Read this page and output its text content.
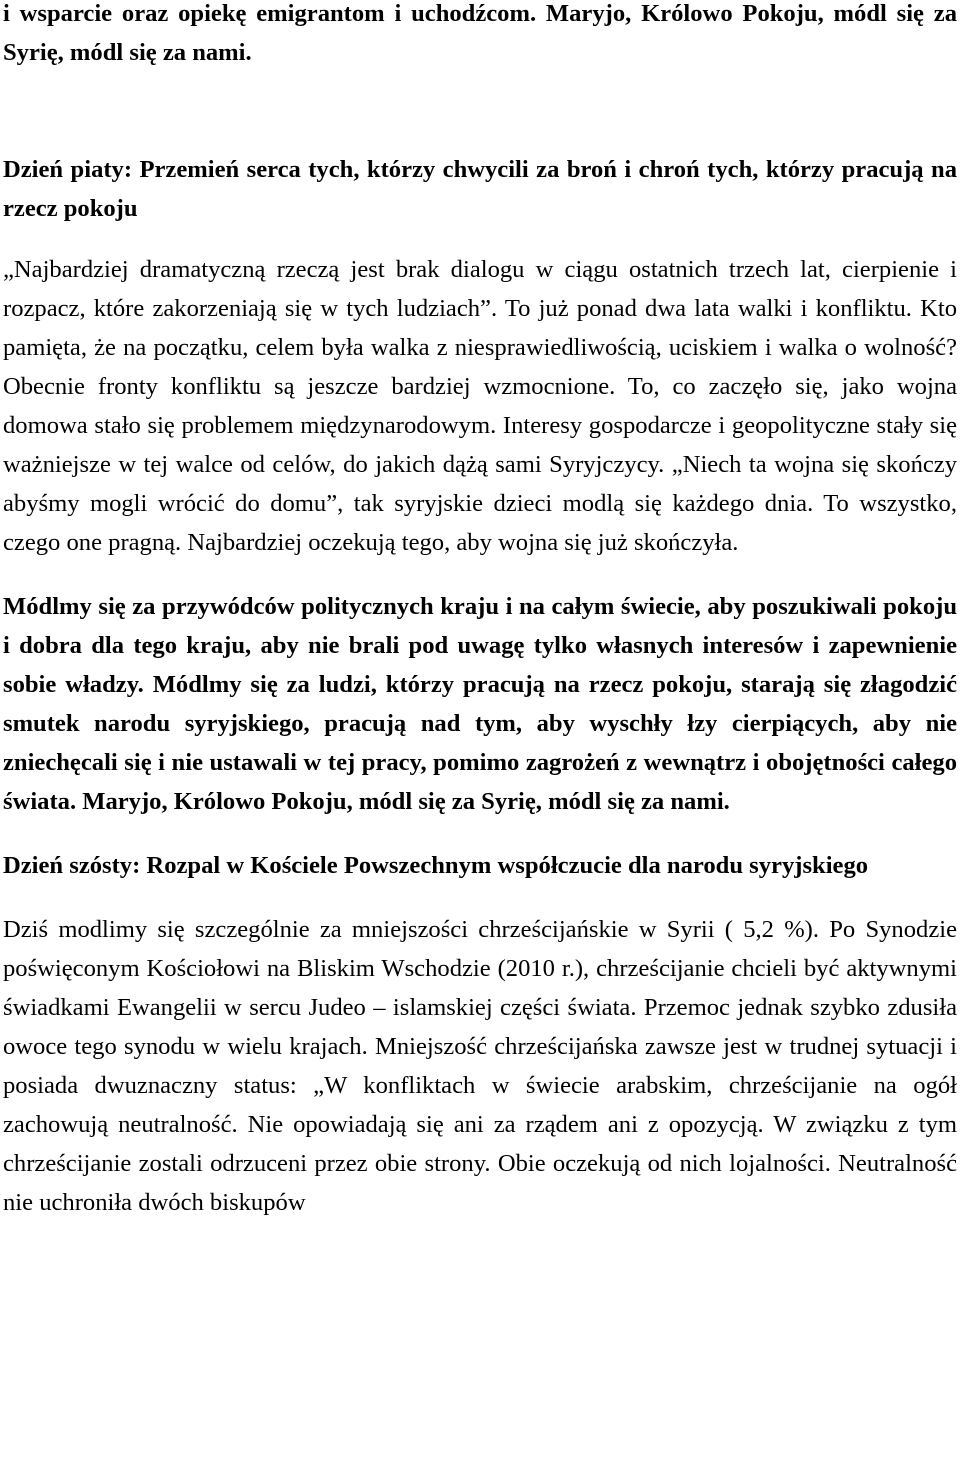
i wsparcie oraz opiekę emigrantom i uchodźcom. Maryjo, Królowo Pokoju, módl się za Syrię, módl się za nami.

Dzień piaty: Przemień serca tych, którzy chwycili za broń i chroń tych, którzy pracują na rzecz pokoju

„Najbardziej dramatyczną rzeczą jest brak dialogu w ciągu ostatnich trzech lat, cierpienie i rozpacz, które zakorzeniają się w tych ludziach”. To już ponad dwa lata walki i konfliktu. Kto pamięta, że na początku, celem była walka z niesprawiedliwością, uciskiem i walka o wolność? Obecnie fronty konfliktu są jeszcze bardziej wzmocnione. To, co zaczęło się, jako wojna domowa stało się problemem międzynarodowym. Interesy gospodarcze i geopolityczne stały się ważniejsze w tej walce od celów, do jakich dążą sami Syryjczycy. „Niech ta wojna się skończy abyśmy mogli wrócić do domu”, tak syryjskie dzieci modlą się każdego dnia. To wszystko, czego one pragną. Najbardziej oczekują tego, aby wojna się już skończyła.

Módlmy się za przywódców politycznych kraju i na całym świecie, aby poszukiwali pokoju i dobra dla tego kraju, aby nie brali pod uwagę tylko własnych interesów i zapewnienie sobie władzy. Módlmy się za ludzi, którzy pracują na rzecz pokoju, starają się złagodzić smutek narodu syryjskiego, pracują nad tym, aby wyschły łzy cierpiących, aby nie zniechęcali się i nie ustawali w tej pracy, pomimo zagrożeń z wewnątrz i obojętności całego świata. Maryjo, Królowo Pokoju, módl się za Syrię, módl się za nami.

Dzień szósty: Rozpal w Kościele Powszechnym współczucie dla narodu syryjskiego

Dziś modlimy się szczególnie za mniejszości chrześcijańskie w Syrii ( 5,2 %). Po Synodzie poświęconym Kościołowi na Bliskim Wschodzie (2010 r.), chrześcijanie chcieli być aktywnymi świadkami Ewangelii w sercu Judeo – islamskiej części świata. Przemoc jednak szybko zdusiła owoce tego synodu w wielu krajach. Mniejszość chrześcijańska zawsze jest w trudnej sytuacji i posiada dwuznaczny status: „W konfliktach w świecie arabskim, chrześcijanie na ogół zachowują neutralność. Nie opowiadają się ani za rządem ani z opozycją. W związku z tym chrześcijanie zostali odrzuceni przez obie strony. Obie oczekują od nich lojalności. Neutralność nie uchroniła dwóch biskupów
